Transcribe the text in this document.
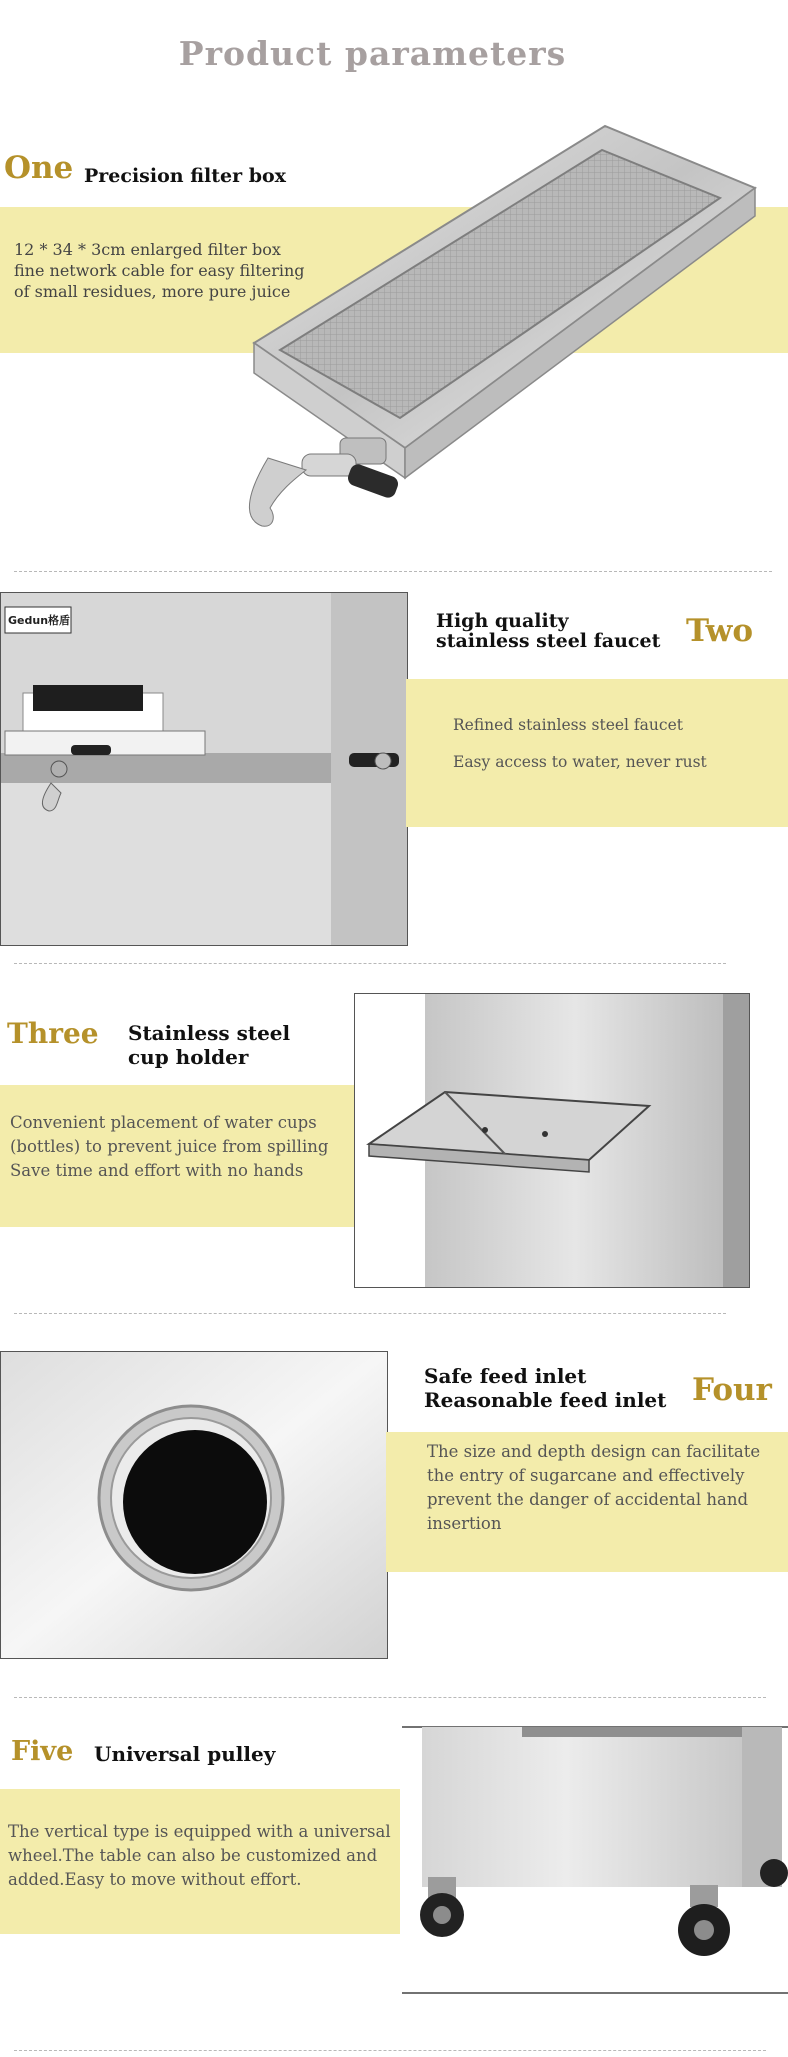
Product parameters
One Precision filter box
12 * 34 * 3cm enlarged filter box
fine network cable for easy filtering
of small residues, more pure juice
Gedun格盾	High quality
stainless steel faucet Two
Refined stainless steel faucet
Easy access to water, never rust
Three Stainless steel
cup holder
Convenient placement of water cups
(bottles) to prevent juice from spilling
Save time and effort with no hands
Safe feed inlet
Reasonable feed inlet Four
The size and depth design can facilitate
the entry of sugarcane and effectively
prevent the danger of accidental hand
insertion
Five Universal pulley
The vertical type is equipped with a universal
wheel.The table can also be customized and
added.Easy to move without effort.
